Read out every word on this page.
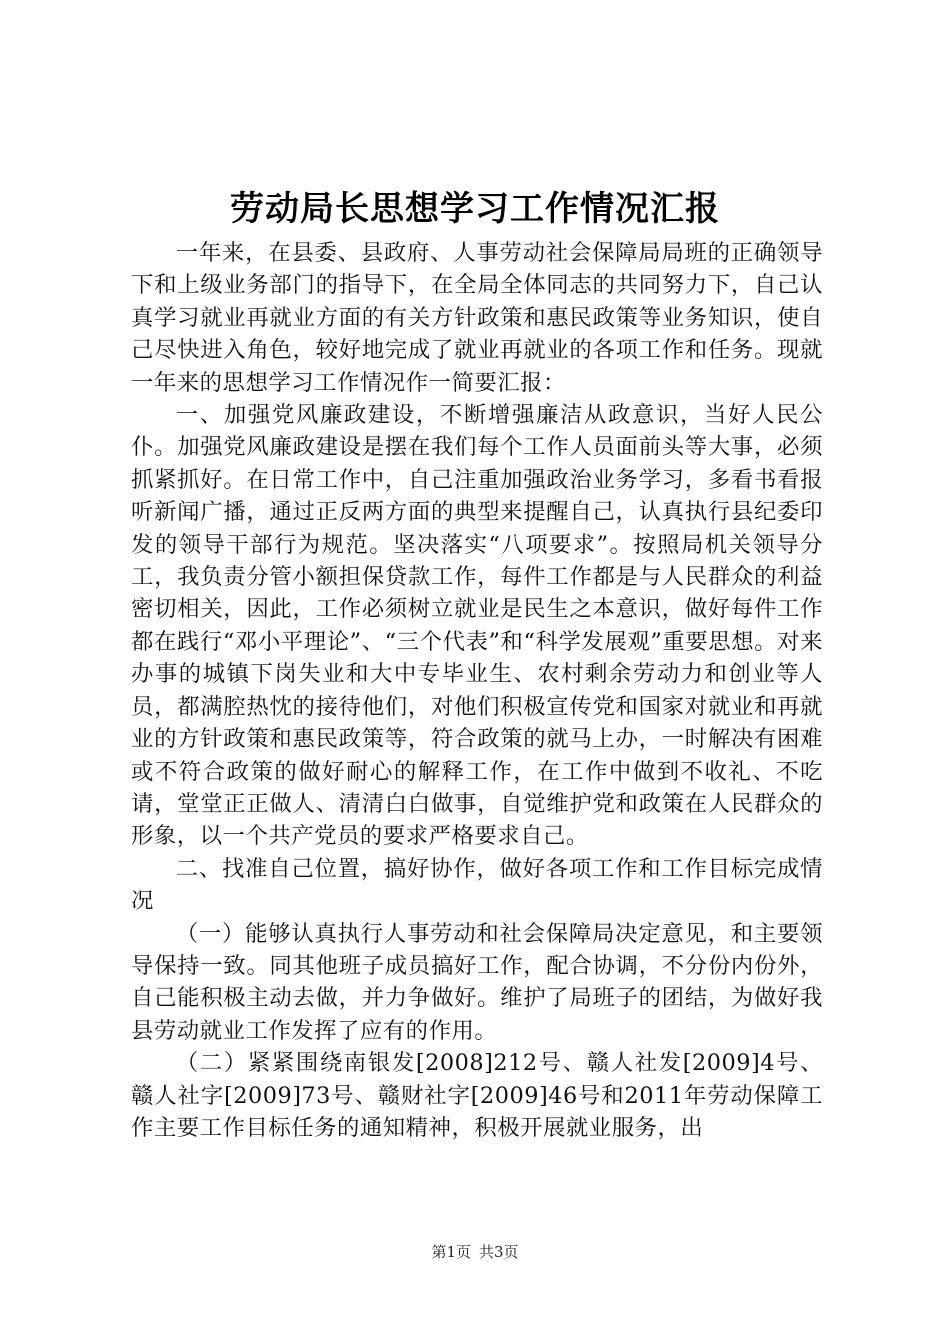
劳动局长思想学习工作情况汇报

一年来，在县委、县政府、人事劳动社会保障局局班的正确领导下和上级业务部门的指导下，在全局全体同志的共同努力下，自己认真学习就业再就业方面的有关方针政策和惠民政策等业务知识，使自己尽快进入角色，较好地完成了就业再就业的各项工作和任务。现就一年来的思想学习工作情况作一简要汇报：

一、加强党风廉政建设，不断增强廉洁从政意识，当好人民公仆。加强党风廉政建设是摆在我们每个工作人员面前头等大事，必须抓紧抓好。在日常工作中，自己注重加强政治业务学习，多看书看报听新闻广播，通过正反两方面的典型来提醒自己，认真执行县纪委印发的领导干部行为规范。坚决落实“八项要求”。按照局机关领导分工，我负责分管小额担保贷款工作，每件工作都是与人民群众的利益密切相关，因此，工作必须树立就业是民生之本意识，做好每件工作都在践行“邓小平理论”、“三个代表”和“科学发展观”重要思想。对来办事的城镇下岗失业和大中专毕业生、农村剩余劳动力和创业等人员，都满腔热忱的接待他们，对他们积极宣传党和国家对就业和再就业的方针政策和惠民政策等，符合政策的就马上办，一时解决有困难或不符合政策的做好耐心的解释工作，在工作中做到不收礼、不吃请，堂堂正正做人、清清白白做事，自觉维护党和政策在人民群众的形象，以一个共产党员的要求严格要求自己。

二、找准自己位置，搞好协作，做好各项工作和工作目标完成情况

（一）能够认真执行人事劳动和社会保障局决定意见，和主要领导保持一致。同其他班子成员搞好工作，配合协调，不分份内份外，自己能积极主动去做，并力争做好。维护了局班子的团结，为做好我县劳动就业工作发挥了应有的作用。

（二）紧紧围绕南银发[2008]212号、赣人社发[2009]4号、赣人社字[2009]73号、赣财社字[2009]46号和2011年劳动保障工作主要工作目标任务的通知精神，积极开展就业服务，出

第1页 共3页
